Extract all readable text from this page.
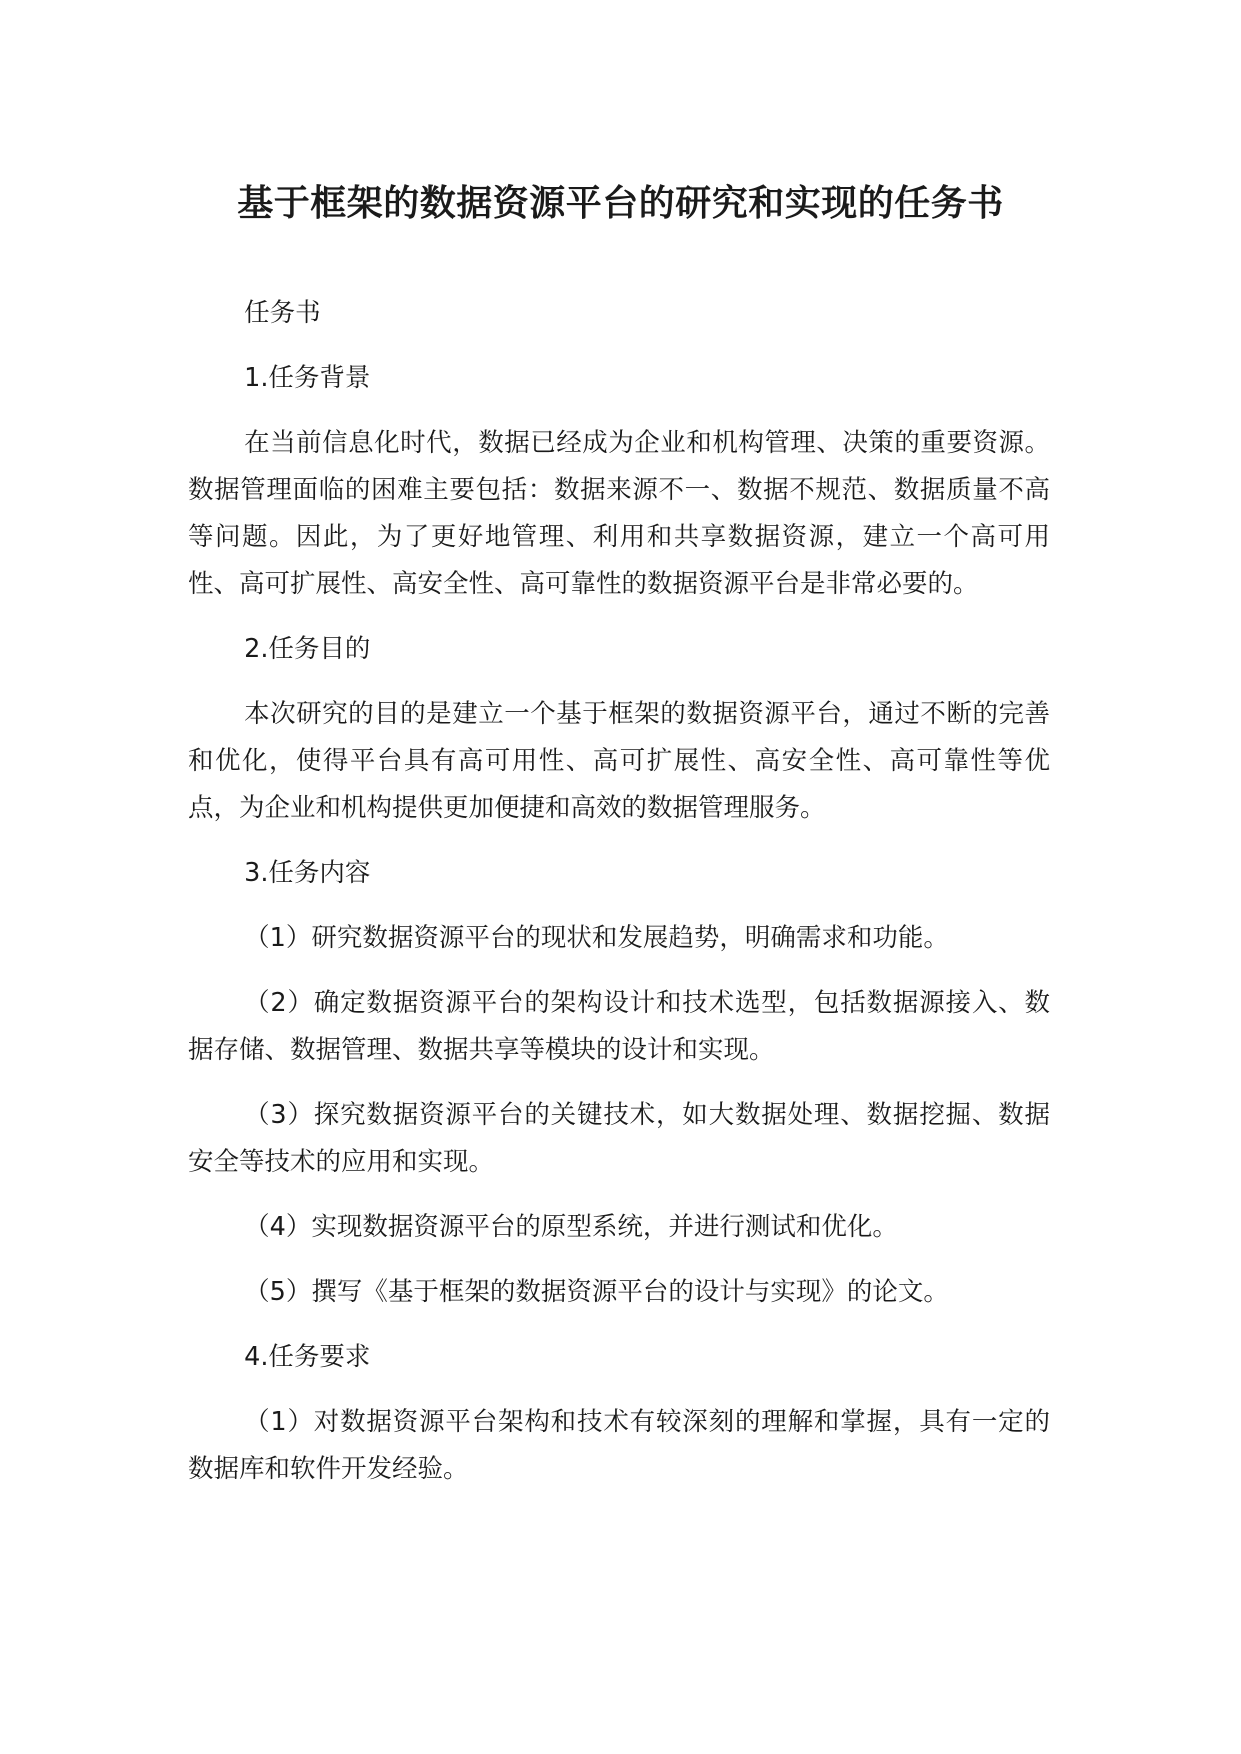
基于框架的数据资源平台的研究和实现的任务书

任务书

1.任务背景

在当前信息化时代，数据已经成为企业和机构管理、决策的重要资源。数据管理面临的困难主要包括：数据来源不一、数据不规范、数据质量不高等问题。因此，为了更好地管理、利用和共享数据资源，建立一个高可用性、高可扩展性、高安全性、高可靠性的数据资源平台是非常必要的。

2.任务目的

本次研究的目的是建立一个基于框架的数据资源平台，通过不断的完善和优化，使得平台具有高可用性、高可扩展性、高安全性、高可靠性等优点，为企业和机构提供更加便捷和高效的数据管理服务。

3.任务内容

（1）研究数据资源平台的现状和发展趋势，明确需求和功能。

（2）确定数据资源平台的架构设计和技术选型，包括数据源接入、数据存储、数据管理、数据共享等模块的设计和实现。

（3）探究数据资源平台的关键技术，如大数据处理、数据挖掘、数据安全等技术的应用和实现。

（4）实现数据资源平台的原型系统，并进行测试和优化。

（5）撰写《基于框架的数据资源平台的设计与实现》的论文。

4.任务要求

（1）对数据资源平台架构和技术有较深刻的理解和掌握，具有一定的数据库和软件开发经验。
